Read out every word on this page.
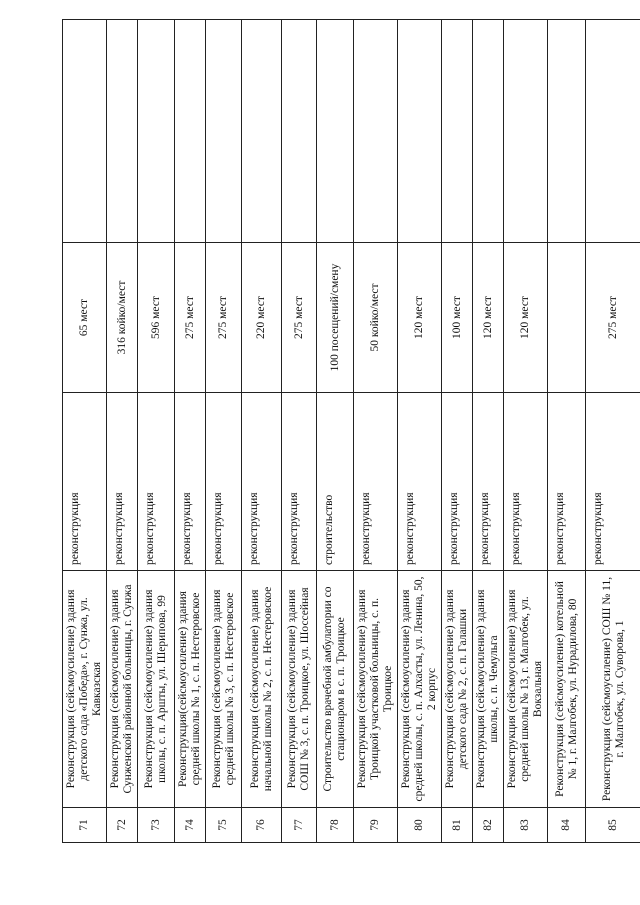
71	Реконструкция (сейсмоусиление) здания детского сада «Победа», г. Сунжа, ул. Кавказская	реконструкция	65 мест	
72	Реконструкция (сейсмоусиление) здания Сунженской районной больницы, г. Сунжа	реконструкция	316 койко/мест	
73	Реконструкция (сейсмоусиление) здания школы, с. п. Аршты, ул. Шерипова, 99	реконструкция	596 мест	
74	Реконструкция(сейсмоусиление) здания средней школы № 1, с. п. Нестеровское	реконструкция	275 мест	
75	Реконструкция (сейсмоусиление) здания средней школы № 3, с. п. Нестеровское	реконструкция	275 мест	
76	Реконструкция (сейсмоусиление) здания начальной школы № 2, с. п. Нестеровское	реконструкция	220 мест	
77	Реконструкция (сейсмоусиление) здания СОШ № 3, с. п. Троицкое, ул. Шоссейная	реконструкция	275 мест	
78	Строительство врачебной амбулатории со стационаром в с. п. Троицкое	строительство	100 посещений/смену	
79	Реконструкция (сейсмоусиление) здания Троицкой участковой больницы, с. п. Троицкое	реконструкция	50 койко/мест	
80	Реконструкция (сейсмоусиление) здания средней школы, с. п. Алхасты, ул. Ленина, 50, 2 корпус	реконструкция	120 мест	
81	Реконструкция (сейсмоусиление) здания детского сада № 2, с. п. Галашки	реконструкция	100 мест	
82	Реконструкция (сейсмоусиление) здания школы, с. п. Чемульга	реконструкция	120 мест	
83	Реконструкция (сейсмоусиление) здания средней школы № 13, г. Малгобек, ул. Вокзальная	реконструкция	120 мест	
84	Реконструкция (сейсмоусиление) котельной № 1, г. Малгобек, ул. Нурадилова, 80	реконструкция		
85	Реконструкция (сейсмоусиление) СОШ № 11, г. Малгобек, ул. Суворова, 1	реконструкция	275 мест	
